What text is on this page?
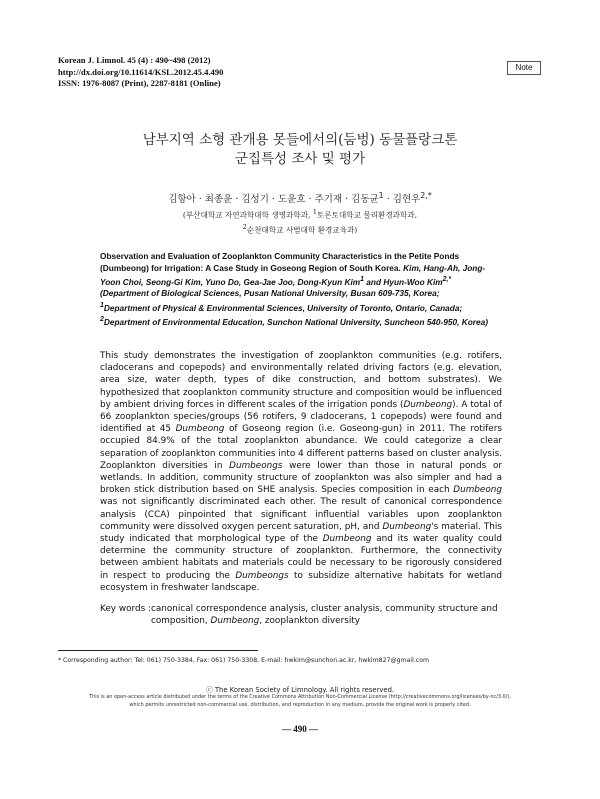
Korean J. Limnol. 45 (4) : 490~498 (2012)
http://dx.doi.org/10.11614/KSL.2012.45.4.490
ISSN: 1976-8087 (Print), 2287-8181 (Online)
Note
남부지역 소형 관개용 못들에서의(둠벙) 동물플랑크톤
군집특성 조사 및 평가
김항아 · 최종윤 · 김성기 · 도윤호 · 주기재 · 김동균$^1$ · 김현우$^{2,*}$
(부산대학교 자연과학대학 생명과학과, $^1$토론토대학교 물리환경과학과,
$^2$순천대학교 사범대학 환경교육과)

Observation and Evaluation of Zooplankton Community Characteristics in the Petite Ponds (Dumbeong) for Irrigation: A Case Study in Goseong Region of South Korea. Kim, Hang-Ah, Jong-Yoon Choi, Seong-Gi Kim, Yuno Do, Gea-Jae Joo, Dong-Kyun Kim$^1$ and Hyun-Woo Kim$^{2,*}$ (Department of Biological Sciences, Pusan National University, Busan 609-735, Korea;

$^1$Department of Physical & Environmental Sciences, University of Toronto, Ontario, Canada;

$^2$Department of Environmental Education, Sunchon National University, Suncheon 540-950, Korea)

This study demonstrates the investigation of zooplankton communities (e.g. rotifers, cladocerans and copepods) and environmentally related driving factors (e.g. elevation, area size, water depth, types of dike construction, and bottom substrates). We hypothesized that zooplankton community structure and composition would be influenced by ambient driving forces in different scales of the irrigation ponds (Dumbeong). A total of 66 zooplankton species/groups (56 rotifers, 9 cladocerans, 1 copepods) were found and identified at 45 Dumbeong of Goseong region (i.e. Goseong-gun) in 2011. The rotifers occupied 84.9% of the total zooplankton abundance. We could categorize a clear separation of zooplankton communities into 4 different patterns based on cluster analysis. Zooplankton diversities in Dumbeongs were lower than those in natural ponds or wetlands. In addition, community structure of zooplankton was also simpler and had a broken stick distribution based on SHE analysis. Species composition in each Dumbeong was not significantly discriminated each other. The result of canonical correspondence analysis (CCA) pinpointed that significant influential variables upon zooplankton community were dissolved oxygen percent saturation, pH, and Dumbeong's material. This study indicated that morphological type of the Dumbeong and its water quality could determine the community structure of zooplankton. Furthermore, the connectivity between ambient habitats and materials could be necessary to be rigorously considered in respect to producing the Dumbeongs to subsidize alternative habitats for wetland ecosystem in freshwater landscape.

Key words : canonical correspondence analysis, cluster analysis, community structure and composition, Dumbeong, zooplankton diversity
* Corresponding author: Tel: 061) 750-3384, Fax: 061) 750-3308, E-mail: hwkim@sunchon.ac.kr, hwkim827@gmail.com
ⓒ The Korean Society of Limnology. All rights reserved.
This is an open-access article distributed under the terms of the Creative Commons Attribution Non-Commercial License (http://creativecommons.org/licenses/by-nc/3.0/),
which permits unrestricted non-commercial use, distribution, and reproduction in any medium, provide the original work is properly cited.
— 490 —
